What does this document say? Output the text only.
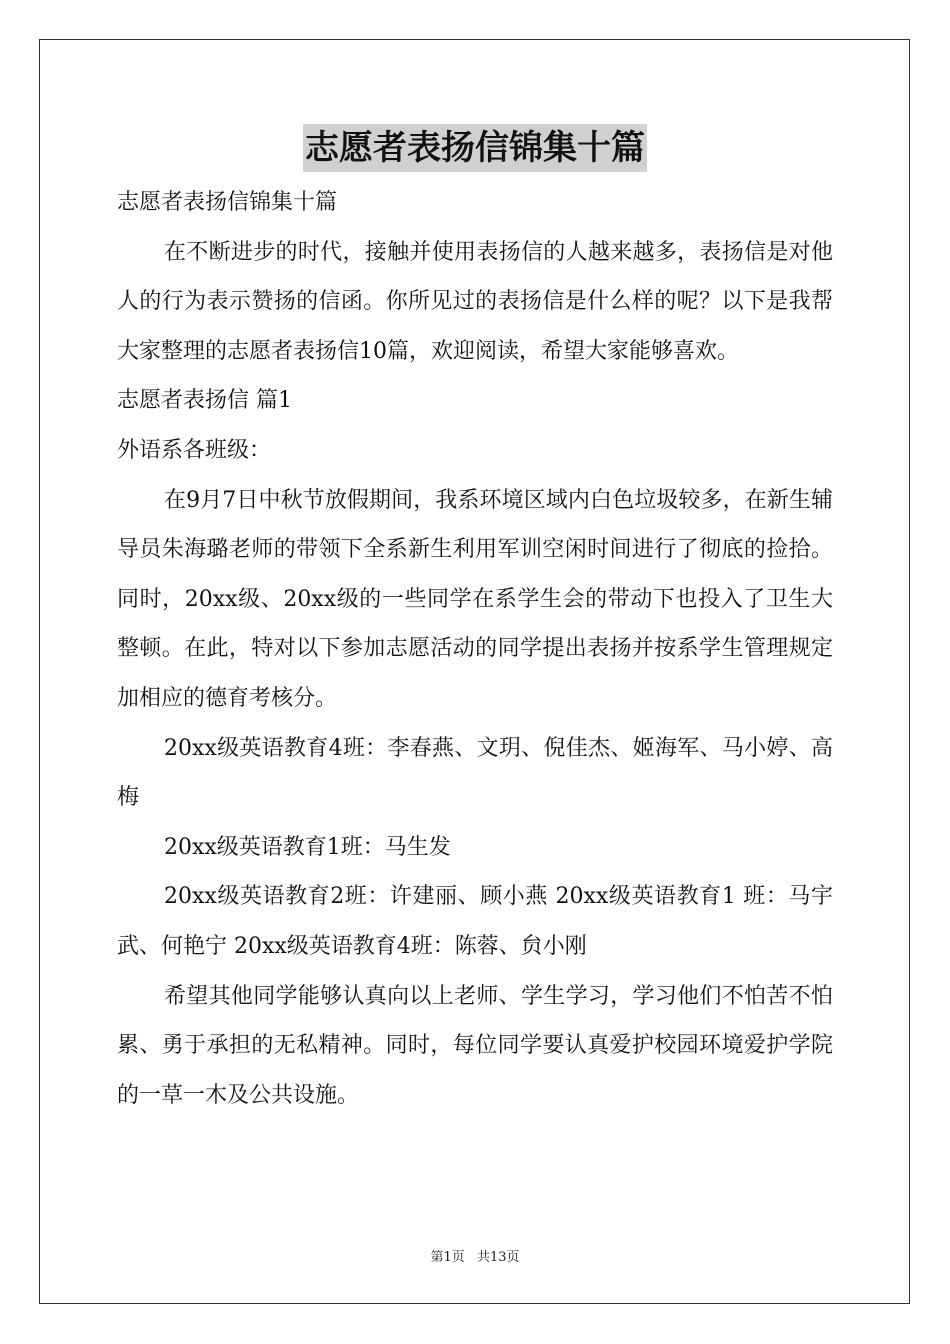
志愿者表扬信锦集十篇

志愿者表扬信锦集十篇

在不断进步的时代，接触并使用表扬信的人越来越多，表扬信是对他人的行为表示赞扬的信函。你所见过的表扬信是什么样的呢？以下是我帮大家整理的志愿者表扬信10篇，欢迎阅读，希望大家能够喜欢。

志愿者表扬信 篇1

外语系各班级：

在9月7日中秋节放假期间，我系环境区域内白色垃圾较多，在新生辅导员朱海璐老师的带领下全系新生利用军训空闲时间进行了彻底的捡拾。同时，20xx级、20xx级的一些同学在系学生会的带动下也投入了卫生大整顿。在此，特对以下参加志愿活动的同学提出表扬并按系学生管理规定加相应的德育考核分。

20xx级英语教育4班：李春燕、文玥、倪佳杰、姬海军、马小婷、高梅

20xx级英语教育1班：马生发

20xx级英语教育2班：许建丽、顾小燕 20xx级英语教育1 班：马宇武、何艳宁 20xx级英语教育4班：陈蓉、贠小刚

希望其他同学能够认真向以上老师、学生学习，学习他们不怕苦不怕累、勇于承担的无私精神。同时，每位同学要认真爱护校园环境爱护学院的一草一木及公共设施。

第1页 共13页
